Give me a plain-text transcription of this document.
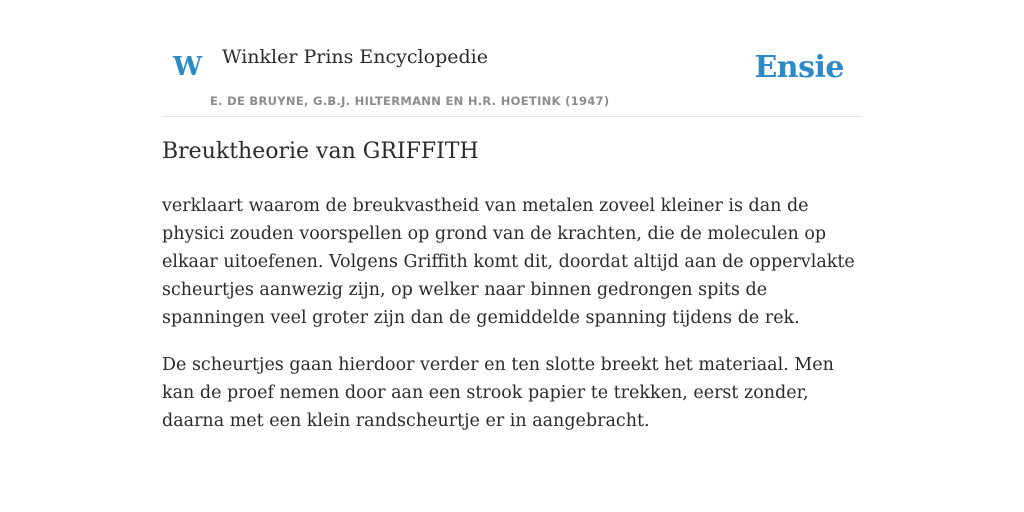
W Winkler Prins Encyclopedie
E. DE BRUYNE, G.B.J. HILTERMANN EN H.R. HOETINK (1947)
Ensie
Breuktheorie van GRIFFITH

verklaart waarom de breukvastheid van metalen zoveel kleiner is dan de physici zouden voorspellen op grond van de krachten, die de moleculen op elkaar uitoefenen. Volgens Griffith komt dit, doordat altijd aan de oppervlakte scheurtjes aanwezig zijn, op welker naar binnen gedrongen spits de spanningen veel groter zijn dan de gemiddelde spanning tijdens de rek.

De scheurtjes gaan hierdoor verder en ten slotte breekt het materiaal. Men kan de proef nemen door aan een strook papier te trekken, eerst zonder, daarna met een klein randscheurtje er in aangebracht.
